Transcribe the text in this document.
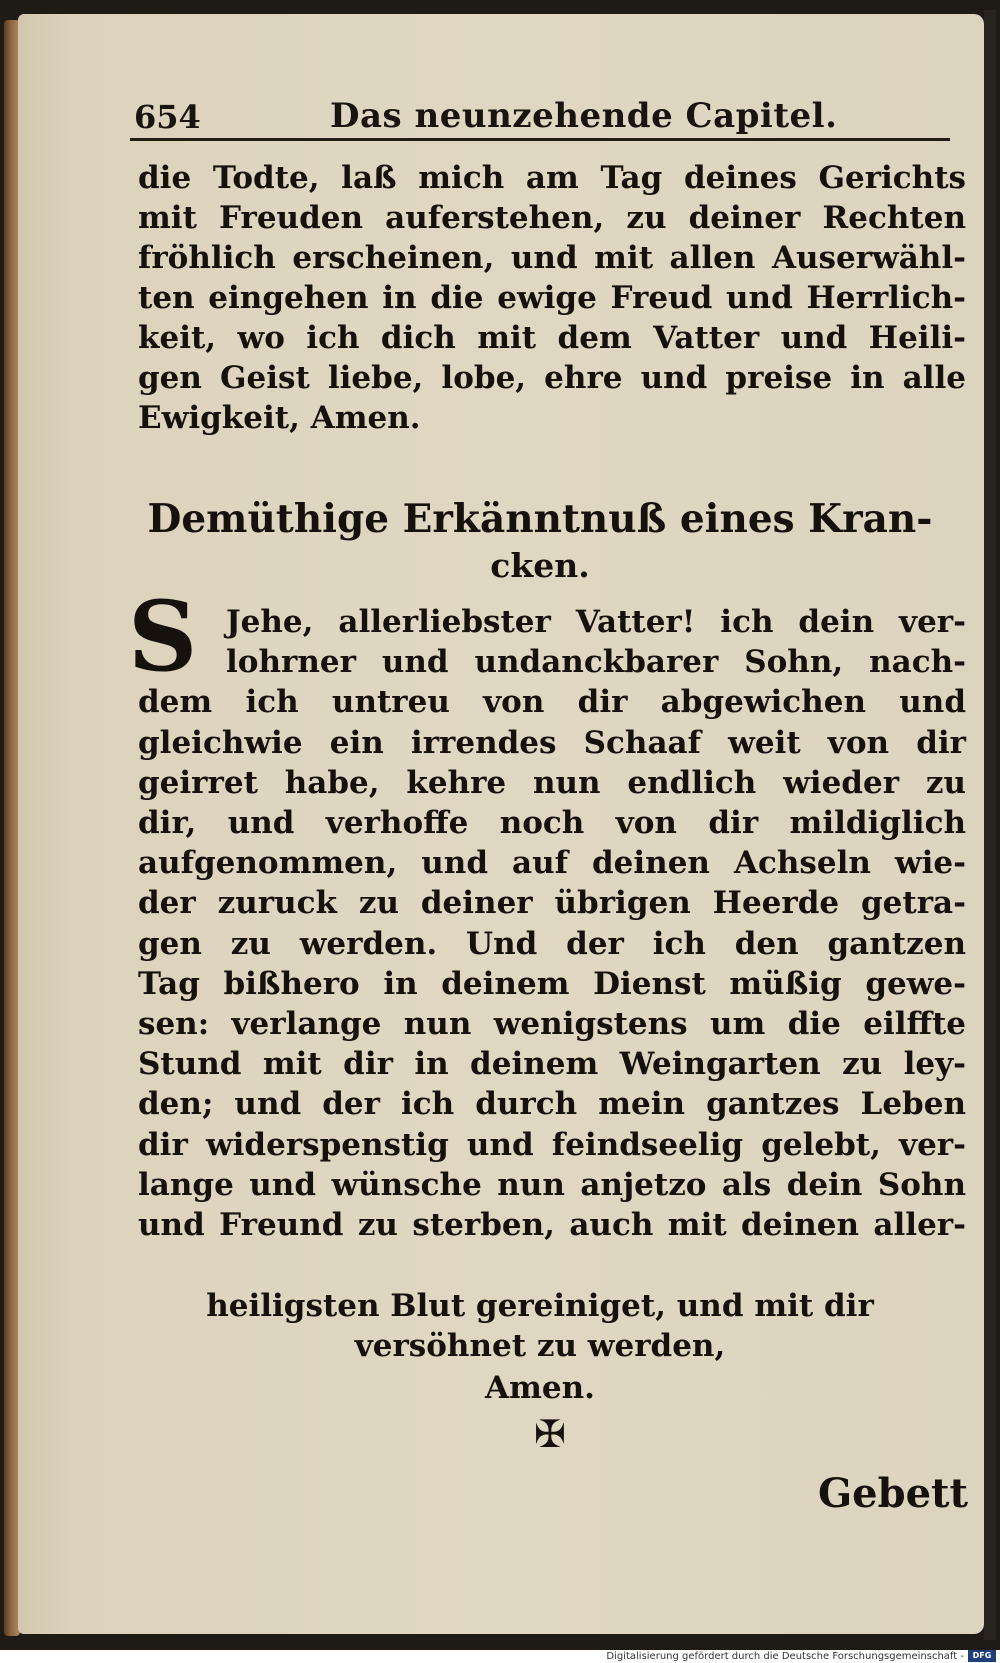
654	Das neunzehende Capitel.
die Todte, laß mich am Tag deines Gerichts
mit Freuden auferstehen, zu deiner Rechten
fröhlich erscheinen, und mit allen Auserwähl-
ten eingehen in die ewige Freud und Herrlich-
keit, wo ich dich mit dem Vatter und Heili-
gen Geist liebe, lobe, ehre und preise in alle
Ewigkeit, Amen.
Demüthige Erkänntnuß eines Kran-
cken.
S Jehe, allerliebster Vatter! ich dein ver-
lohrner und undanckbarer Sohn, nach-
dem ich untreu von dir abgewichen und
gleichwie ein irrendes Schaaf weit von dir
geirret habe, kehre nun endlich wieder zu
dir, und verhoffe noch von dir mildiglich
aufgenommen, und auf deinen Achseln wie-
der zuruck zu deiner übrigen Heerde getra-
gen zu werden. Und der ich den gantzen
Tag bißhero in deinem Dienst müßig gewe-
sen: verlange nun wenigstens um die eilffte
Stund mit dir in deinem Weingarten zu ley-
den; und der ich durch mein gantzes Leben
dir widerspenstig und feindseelig gelebt, ver-
lange und wünsche nun anjetzo als dein Sohn
und Freund zu sterben, auch mit deinen aller-
heiligsten Blut gereiniget, und mit dir
versöhnet zu werden,
Amen.
✠
Gebett
Digitalisierung gefördert durch die Deutsche Forschungsgemeinschaft -	DFG
